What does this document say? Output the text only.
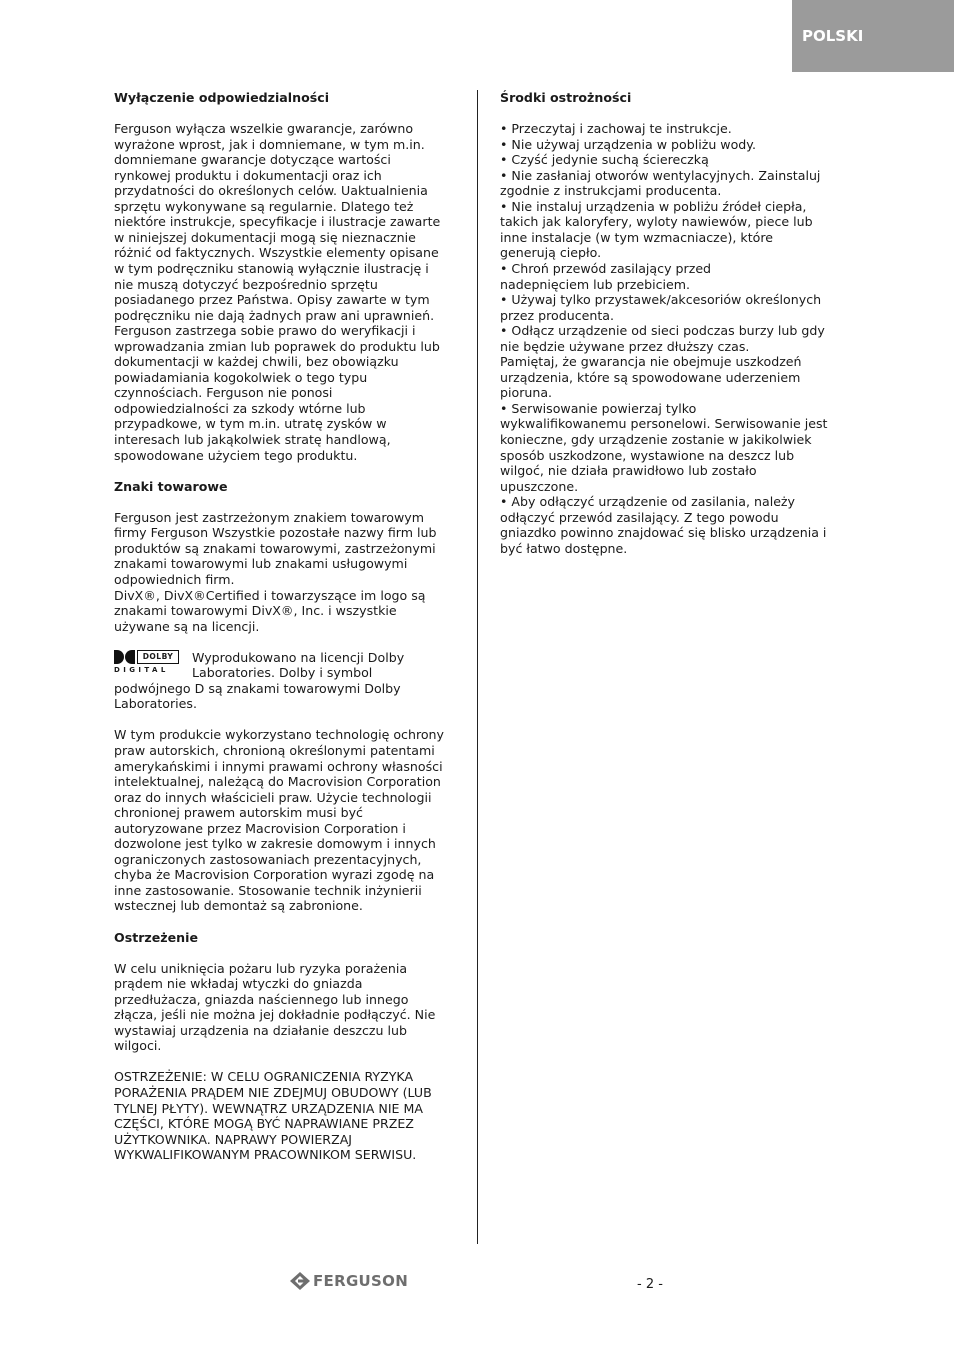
POLSKI

Wyłączenie odpowiedzialności

Ferguson wyłącza wszelkie gwarancje, zarówno
wyrażone wprost, jak i domniemane, w tym m.in.
domniemane gwarancje dotyczące wartości
rynkowej produktu i dokumentacji oraz ich
przydatności do określonych celów. Uaktualnienia
sprzętu wykonywane są regularnie. Dlatego też
niektóre instrukcje, specyfikacje i ilustracje zawarte
w niniejszej dokumentacji mogą się nieznacznie
różnić od faktycznych. Wszystkie elementy opisane
w tym podręczniku stanowią wyłącznie ilustrację i
nie muszą dotyczyć bezpośrednio sprzętu
posiadanego przez Państwa. Opisy zawarte w tym
podręczniku nie dają żadnych praw ani uprawnień.
Ferguson zastrzega sobie prawo do weryfikacji i
wprowadzania zmian lub poprawek do produktu lub
dokumentacji w każdej chwili, bez obowiązku
powiadamiania kogokolwiek o tego typu
czynnościach. Ferguson nie ponosi
odpowiedzialności za szkody wtórne lub
przypadkowe, w tym m.in. utratę zysków w
interesach lub jakąkolwiek stratę handlową,
spowodowane użyciem tego produktu.

Znaki towarowe

Ferguson jest zastrzeżonym znakiem towarowym
firmy Ferguson Wszystkie pozostałe nazwy firm lub
produktów są znakami towarowymi, zastrzeżonymi
znakami towarowymi lub znakami usługowymi
odpowiednich firm.
DivX®, DivX®Certified i towarzyszące im logo są
znakami towarowymi DivX®, Inc. i wszystkie
używane są na licencji.

DOLBY
DIGITAL

Wyprodukowano na licencji Dolby
Laboratories. Dolby i symbol

podwójnego D są znakami towarowymi Dolby
Laboratories.

W tym produkcie wykorzystano technologię ochrony
praw autorskich, chronioną określonymi patentami
amerykańskimi i innymi prawami ochrony własności
intelektualnej, należącą do Macrovision Corporation
oraz do innych właścicieli praw. Użycie technologii
chronionej prawem autorskim musi być
autoryzowane przez Macrovision Corporation i
dozwolone jest tylko w zakresie domowym i innych
ograniczonych zastosowaniach prezentacyjnych,
chyba że Macrovision Corporation wyrazi zgodę na
inne zastosowanie. Stosowanie technik inżynierii
wstecznej lub demontaż są zabronione.

Ostrzeżenie

W celu uniknięcia pożaru lub ryzyka porażenia
prądem nie wkładaj wtyczki do gniazda
przedłużacza, gniazda naściennego lub innego
złącza, jeśli nie można jej dokładnie podłączyć. Nie
wystawiaj urządzenia na działanie deszczu lub
wilgoci.

OSTRZEŻENIE: W CELU OGRANICZENIA RYZYKA
PORAŻENIA PRĄDEM NIE ZDEJMUJ OBUDOWY (LUB
TYLNEJ PŁYTY). WEWNĄTRZ URZĄDZENIA NIE MA
CZĘŚCI, KTÓRE MOGĄ BYĆ NAPRAWIANE PRZEZ
UŻYTKOWNIKA. NAPRAWY POWIERZAJ
WYKWALIFIKOWANYM PRACOWNIKOM SERWISU.

Środki ostrożności

• Przeczytaj i zachowaj te instrukcje.

• Nie używaj urządzenia w pobliżu wody.

• Czyść jedynie suchą ściereczką

• Nie zasłaniaj otworów wentylacyjnych. Zainstaluj
zgodnie z instrukcjami producenta.

• Nie instaluj urządzenia w pobliżu źródeł ciepła,
takich jak kaloryfery, wyloty nawiewów, piece lub
inne instalacje (w tym wzmacniacze), które
generują ciepło.

• Chroń przewód zasilający przed
nadepnięciem lub przebiciem.

• Używaj tylko przystawek/akcesoriów określonych
przez producenta.

• Odłącz urządzenie od sieci podczas burzy lub gdy
nie będzie używane przez dłuższy czas.
Pamiętaj, że gwarancja nie obejmuje uszkodzeń
urządzenia, które są spowodowane uderzeniem
pioruna.

• Serwisowanie powierzaj tylko
wykwalifikowanemu personelowi. Serwisowanie jest
konieczne, gdy urządzenie zostanie w jakikolwiek
sposób uszkodzone, wystawione na deszcz lub
wilgoć, nie działa prawidłowo lub zostało
upuszczone.

• Aby odłączyć urządzenie od zasilania, należy
odłączyć przewód zasilający. Z tego powodu
gniazdko powinno znajdować się blisko urządzenia i
być łatwo dostępne.

FERGUSON	- 2 -
